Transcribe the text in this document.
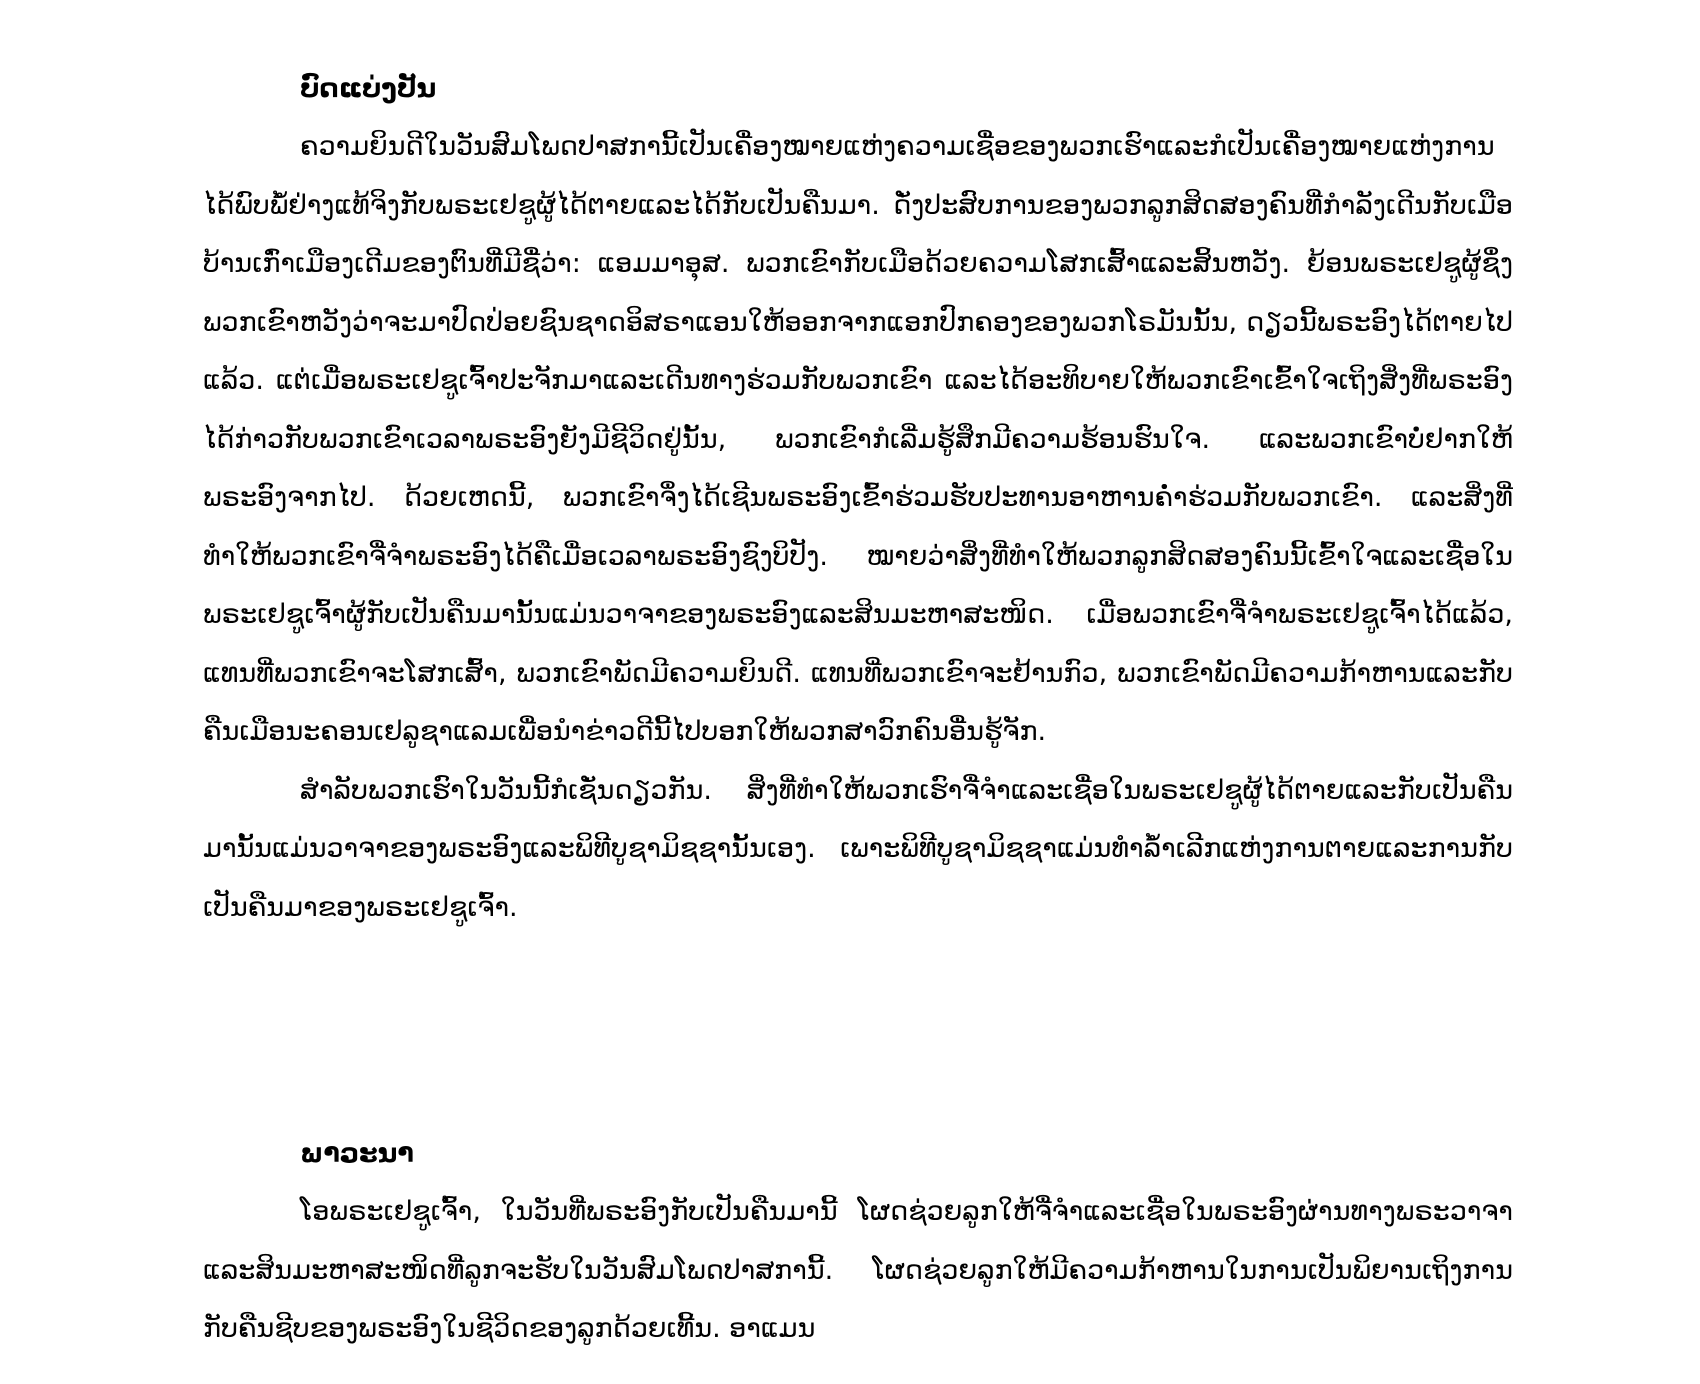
ບົດແບ່ງປັນ

ຄວາມຍິນດີໃນວັນສົມໂພດປາສການີ້ເປັນເຄື່ອງໝາຍແຫ່ງຄວາມເຊື່ອຂອງພວກເຮົາແລະກໍເປັນເຄື່ອງໝາຍແຫ່ງການໄດ້ພົບພໍ້ຢ່າງແທ້ຈິງກັບພຣະເຢຊູຜູ້ໄດ້ຕາຍແລະໄດ້ກັບເປັນຄືນມາ. ດັ່ງປະສົບການຂອງພວກລູກສິດສອງຄົນທີ່ກຳລັງເດີນກັບເມືອບ້ານເກົ່າເມືອງເດີມຂອງຕົນທີ່ມີຊື່ວ່າ: ແອມມາອຸສ. ພວກເຂົາກັບເມືອດ້ວຍຄວາມໂສກເສົ້າແລະສິ້ນຫວັງ. ຍ້ອນພຣະເຢຊູຜູ້ຊຶ່ງພວກເຂົາຫວັງວ່າຈະມາປົດປ່ອຍຊົນຊາດອິສຣາແອນໃຫ້ອອກຈາກແອກປົກຄອງຂອງພວກໂຣມັນນັ້ນ, ດຽວນີ້ພຣະອົງໄດ້ຕາຍໄປແລ້ວ. ແຕ່ເມື່ອພຣະເຢຊູເຈົ້າປະຈັກມາແລະເດີນທາງຮ່ວມກັບພວກເຂົາ ແລະໄດ້ອະທິບາຍໃຫ້ພວກເຂົາເຂົ້າໃຈເຖິງສິ່ງທີ່ພຣະອົງໄດ້ກ່າວກັບພວກເຂົາເວລາພຣະອົງຍັງມີຊີວິດຢູ່ນັ້ນ, ພວກເຂົາກໍເລີ່ມຮູ້ສຶກມີຄວາມຮ້ອນຮົນໃຈ. ແລະພວກເຂົາບໍ່ຢາກໃຫ້ພຣະອົງຈາກໄປ. ດ້ວຍເຫດນີ້, ພວກເຂົາຈຶ່ງໄດ້ເຊີນພຣະອົງເຂົ້າຮ່ວມຮັບປະທານອາຫານຄ່ຳຮ່ວມກັບພວກເຂົາ. ແລະສິ່ງທີ່ທຳໃຫ້ພວກເຂົາຈື່ຈຳພຣະອົງໄດ້ຄືເມື່ອເວລາພຣະອົງຊົງບິປັງ. ໝາຍວ່າສິ່ງທີ່ທຳໃຫ້ພວກລູກສິດສອງຄົນນີ້ເຂົ້າໃຈແລະເຊື່ອໃນພຣະເຢຊູເຈົ້າຜູ້ກັບເປັນຄືນມານັ້ນແມ່ນວາຈາຂອງພຣະອົງແລະສິນມະຫາສະໜິດ. ເມື່ອພວກເຂົາຈື່ຈຳພຣະເຢຊູເຈົ້າໄດ້ແລ້ວ, ແທນທີ່ພວກເຂົາຈະໂສກເສົ້າ, ພວກເຂົາພັດມີຄວາມຍິນດີ. ແທນທີ່ພວກເຂົາຈະຢ້ານກົວ, ພວກເຂົາພັດມີຄວາມກ້າຫານແລະກັບຄືນເມືອນະຄອນເຢລູຊາແລມເພື່ອນຳຂ່າວດີນີ້ໄປບອກໃຫ້ພວກສາວົກຄົນອື່ນຮູ້ຈັກ.

ສຳລັບພວກເຮົາໃນວັນນີ້ກໍເຊັ່ນດຽວກັນ. ສິ່ງທີ່ທຳໃຫ້ພວກເຮົາຈື່ຈຳແລະເຊື່ອໃນພຣະເຢຊູຜູ້ໄດ້ຕາຍແລະກັບເປັນຄືນມານັ້ນແມ່ນວາຈາຂອງພຣະອົງແລະພິທີບູຊາມິຊຊານັ້ນເອງ. ເພາະພິທີບູຊາມິຊຊາແມ່ນທຳລ້ຳເລີກແຫ່ງການຕາຍແລະການກັບເປັນຄືນມາຂອງພຣະເຢຊູເຈົ້າ.

ພາວະນາ

ໂອພຣະເຢຊູເຈົ້າ, ໃນວັນທີ່ພຣະອົງກັບເປັນຄືນມານີ້ ໂຜດຊ່ວຍລູກໃຫ້ຈື່ຈຳແລະເຊື່ອໃນພຣະອົງຜ່ານທາງພຣະວາຈາແລະສິນມະຫາສະໜິດທີ່ລູກຈະຮັບໃນວັນສົມໂພດປາສການີ້. ໂຜດຊ່ວຍລູກໃຫ້ມີຄວາມກ້າຫານໃນການເປັນພິຍານເຖິງການກັບຄືນຊີບຂອງພຣະອົງໃນຊີວິດຂອງລູກດ້ວຍເທີ້ນ. ອາແມນ
